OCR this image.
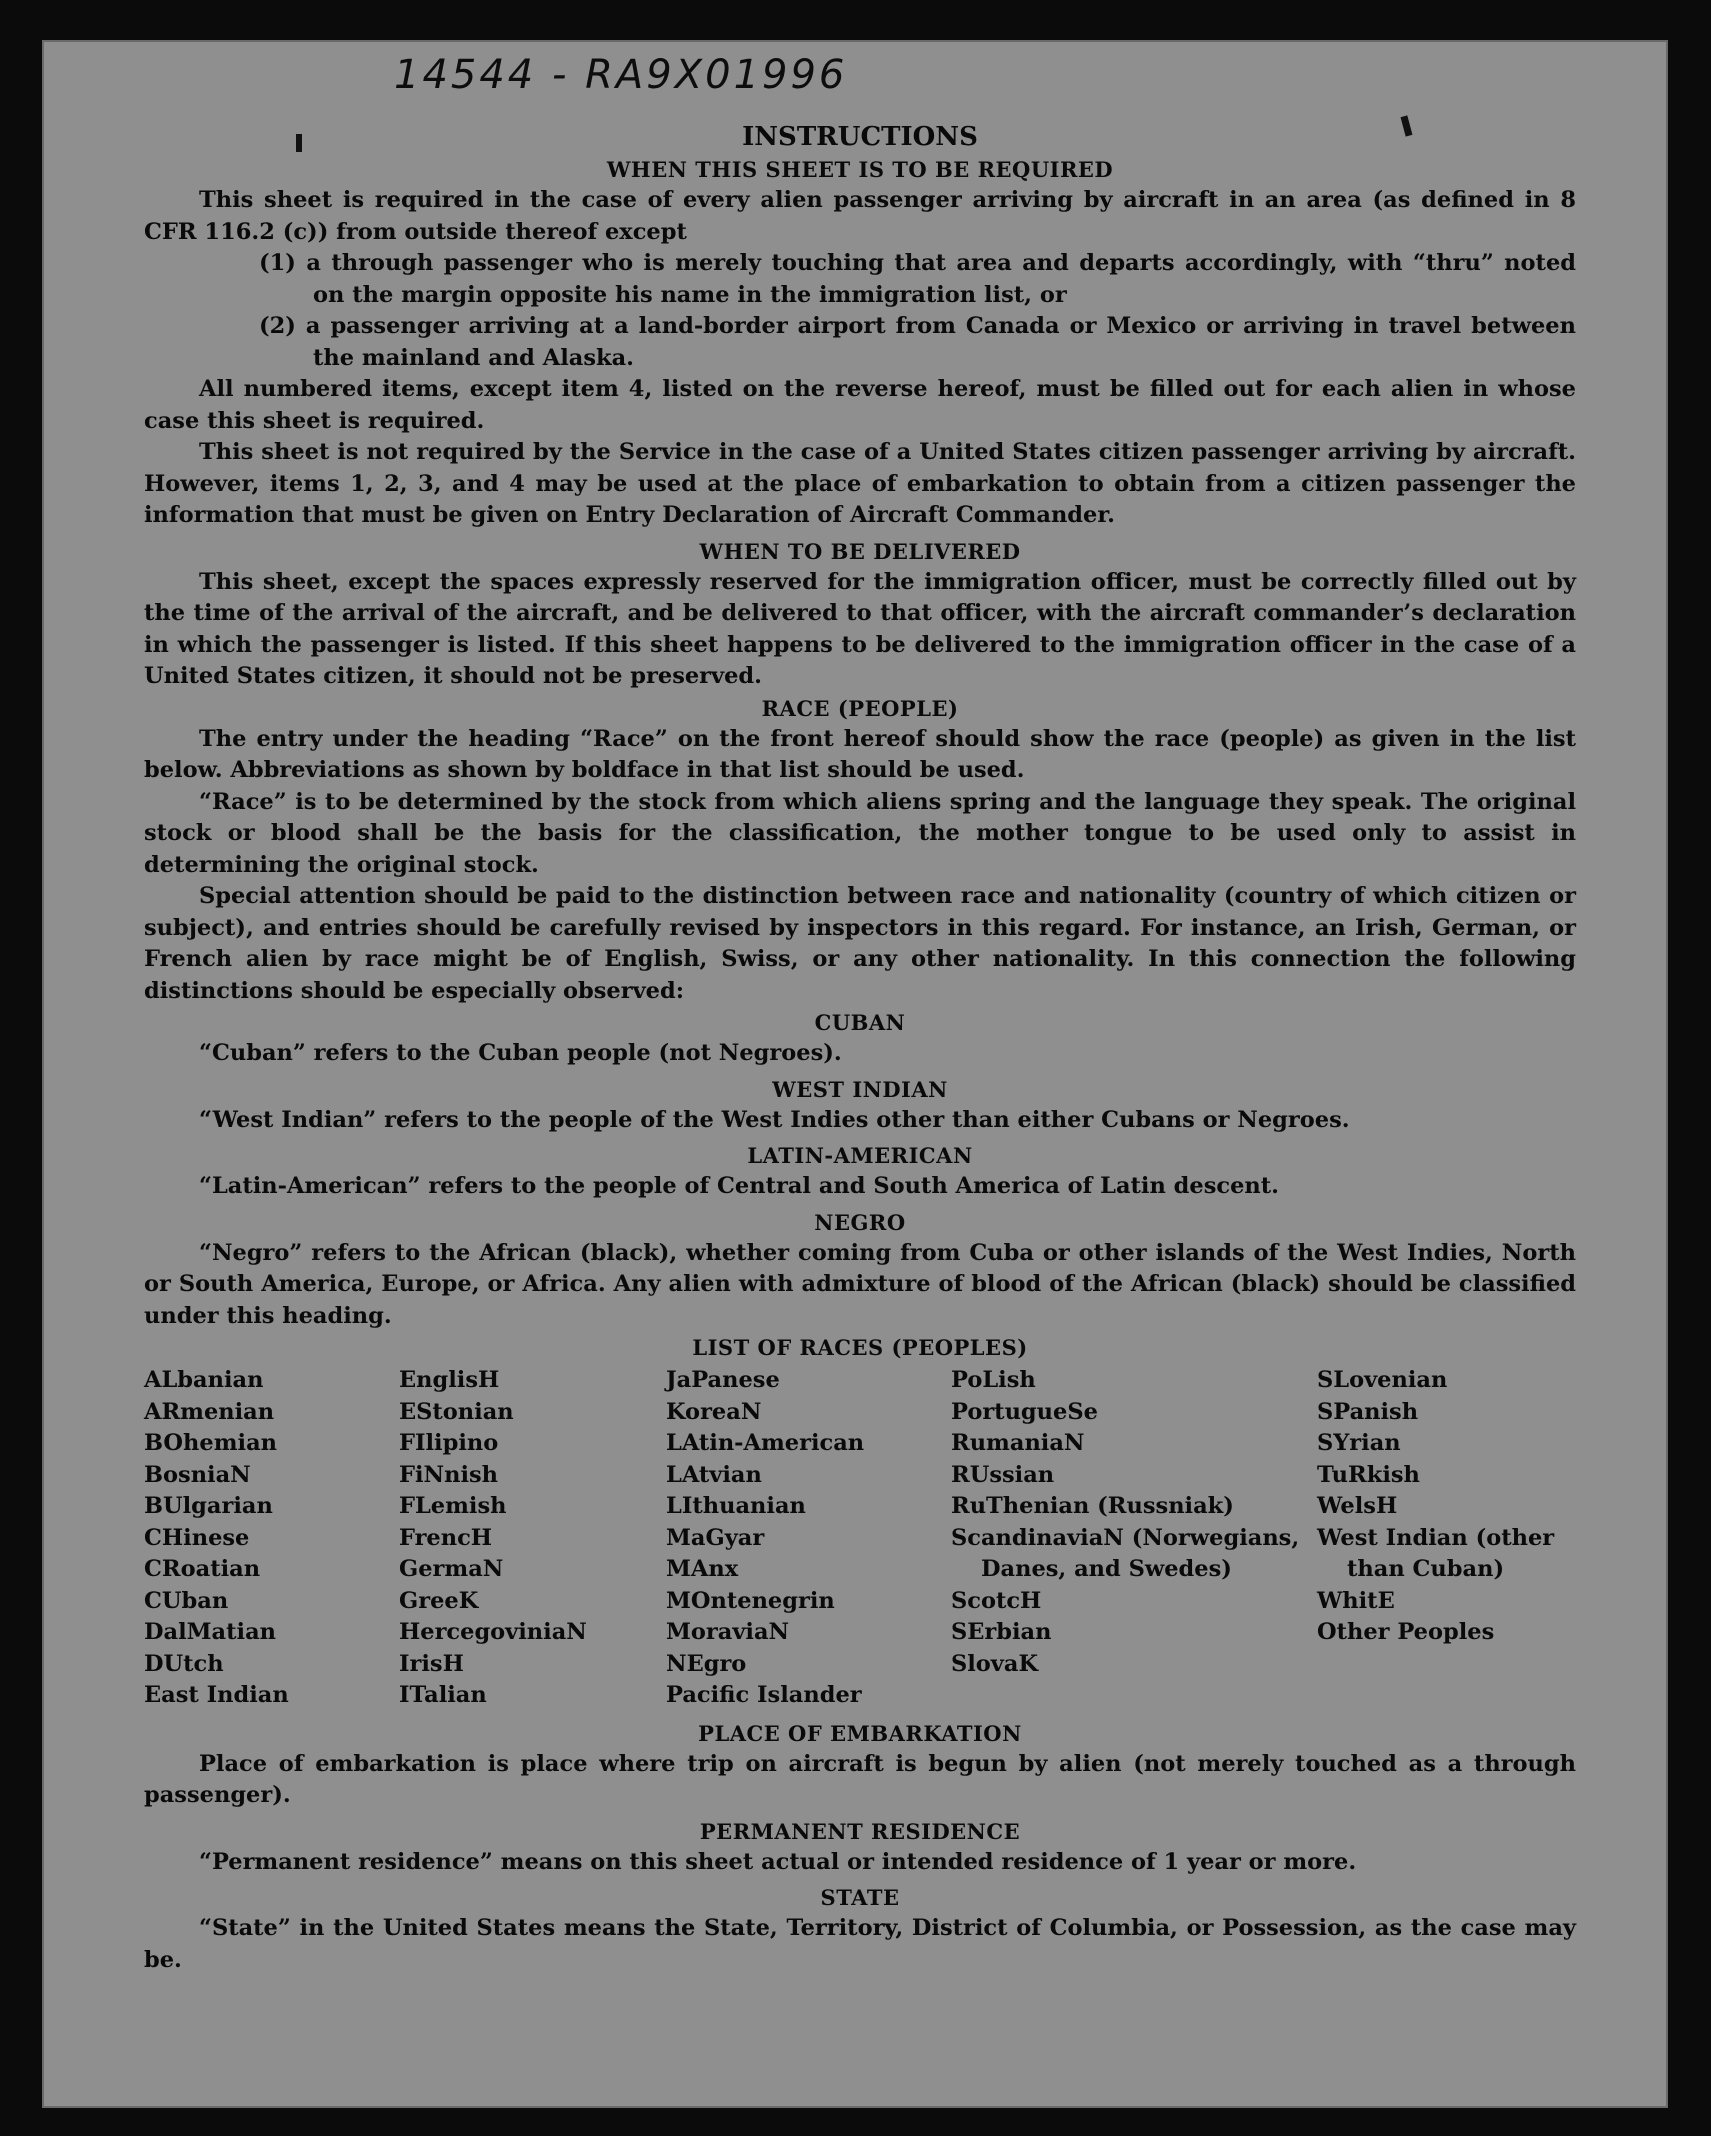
14544 - RA9X01996
INSTRUCTIONS
WHEN THIS SHEET IS TO BE REQUIRED

This sheet is required in the case of every alien passenger arriving by aircraft in an area (as defined in 8 CFR 116.2 (c)) from outside thereof except

(1) a through passenger who is merely touching that area and departs accordingly, with “thru” noted on the margin opposite his name in the immigration list, or

(2) a passenger arriving at a land-border airport from Canada or Mexico or arriving in travel between the mainland and Alaska.

All numbered items, except item 4, listed on the reverse hereof, must be filled out for each alien in whose case this sheet is required.

This sheet is not required by the Service in the case of a United States citizen passenger arriving by aircraft. However, items 1, 2, 3, and 4 may be used at the place of embarkation to obtain from a citizen passenger the information that must be given on Entry Declaration of Aircraft Commander.

WHEN TO BE DELIVERED

This sheet, except the spaces expressly reserved for the immigration officer, must be correctly filled out by the time of the arrival of the aircraft, and be delivered to that officer, with the aircraft commander’s declaration in which the passenger is listed. If this sheet happens to be delivered to the immigration officer in the case of a United States citizen, it should not be preserved.

RACE (PEOPLE)

The entry under the heading “Race” on the front hereof should show the race (people) as given in the list below. Abbreviations as shown by boldface in that list should be used.

“Race” is to be determined by the stock from which aliens spring and the language they speak. The original stock or blood shall be the basis for the classification, the mother tongue to be used only to assist in determining the original stock.

Special attention should be paid to the distinction between race and nationality (country of which citizen or subject), and entries should be carefully revised by inspectors in this regard. For instance, an Irish, German, or French alien by race might be of English, Swiss, or any other nationality. In this connection the following distinctions should be especially observed:

CUBAN

“Cuban” refers to the Cuban people (not Negroes).

WEST INDIAN

“West Indian” refers to the people of the West Indies other than either Cubans or Negroes.

LATIN-AMERICAN

“Latin-American” refers to the people of Central and South America of Latin descent.

NEGRO

“Negro” refers to the African (black), whether coming from Cuba or other islands of the West Indies, North or South America, Europe, or Africa. Any alien with admixture of blood of the African (black) should be classified under this heading.

LIST OF RACES (PEOPLES)
ALbanian
ARmenian
BOhemian
BosniaN
BUlgarian
CHinese
CRoatian
CUban
DalMatian
DUtch
East Indian
EnglisH
EStonian
FIlipino
FiNnish
FLemish
FrencH
GermaN
GreeK
HercegoviniaN
IrisH
ITalian
JaPanese
KoreaN
LAtin-American
LAtvian
LIthuanian
MaGyar
MAnx
MOntenegrin
MoraviaN
NEgro
Pacific Islander
PoLish
PortugueSe
RumaniaN
RUssian
RuThenian (Russniak)
ScandinaviaN (Norwegians, Danes, and Swedes)
ScotcH
SErbian
SlovaK
SLovenian
SPanish
SYrian
TuRkish
WelsH
West Indian (other than Cuban)
WhitE
Other Peoples
PLACE OF EMBARKATION

Place of embarkation is place where trip on aircraft is begun by alien (not merely touched as a through passenger).

PERMANENT RESIDENCE

“Permanent residence” means on this sheet actual or intended residence of 1 year or more.

STATE

“State” in the United States means the State, Territory, District of Columbia, or Possession, as the case may be.
